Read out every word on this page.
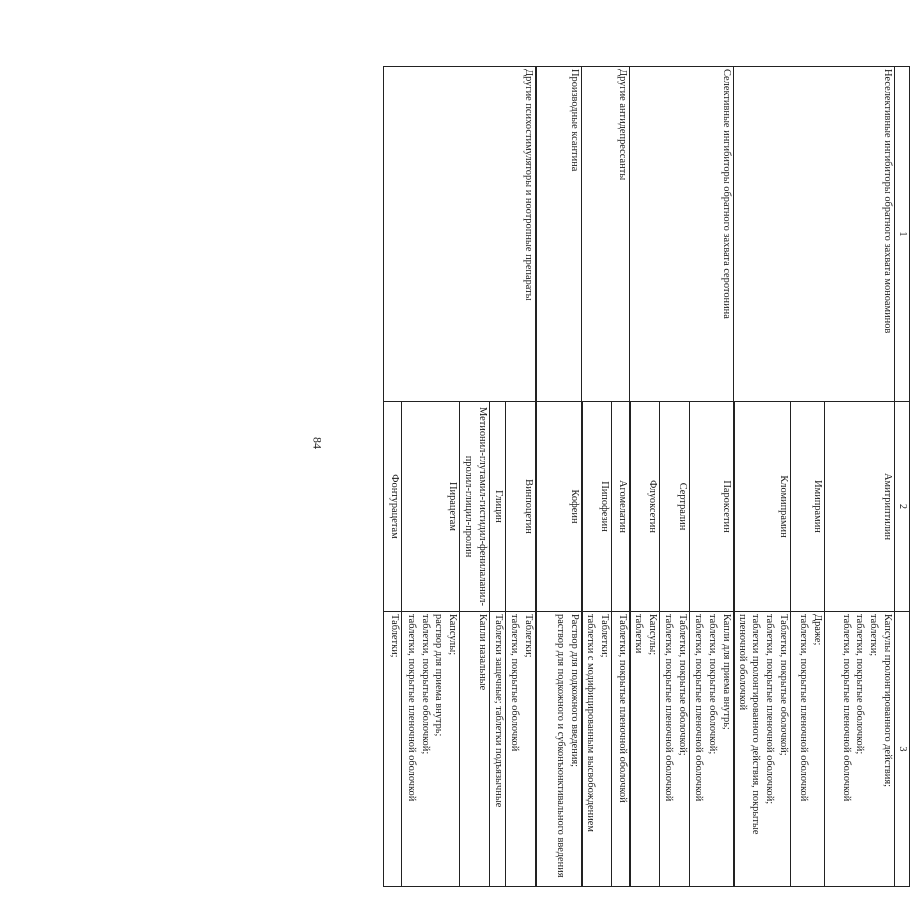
84
1	2	3
Неселективные ингибиторы обратного захвата моноаминов	Амитриптилин	Капсулы пролонгированного действия;
таблетки;
таблетки, покрытые оболочкой;
таблетки, покрытые пленочной оболочкой

	Имипрамин	Драже;
таблетки, покрытые пленочной оболочкой

	Кломипрамин	Таблетки, покрытые оболочкой;
таблетки, покрытые пленочной оболочкой;
таблетки пролонгированного действия, покрытые пленочной оболочкой

Селективные ингибиторы обратного захвата серотонина	Пароксетин	Капли для приема внутрь;
таблетки, покрытые оболочкой;
таблетки, покрытые пленочной оболочкой

	Сертралин	Таблетки, покрытые оболочкой;
таблетки, покрытые пленочной оболочкой

	Флуоксетин	Капсулы;
таблетки

Другие антидепрессанты	Агомелатин	Таблетки, покрытые пленочной оболочкой

	Пипофезин	Таблетки;
таблетки с модифицированным высвобождением

Производные ксантина	Кофеин	Раствор для подкожного введения;
раствор для подкожного и субконъюнктивального введения

Другие психостимуляторы и ноотропные препараты	Винпоцетин	Таблетки;
таблетки, покрытые оболочкой

	Глицин	Таблетки защечные; таблетки подъязычные

	Метионил-глутамил-гистидил-фенилаланил-пролил-глицил-пролин	Капли назальные

	Пирацетам	Капсулы;
раствор для приема внутрь;
таблетки, покрытые оболочкой;
таблетки, покрытые пленочной оболочкой

	Фонтурацетам	Таблетки;
